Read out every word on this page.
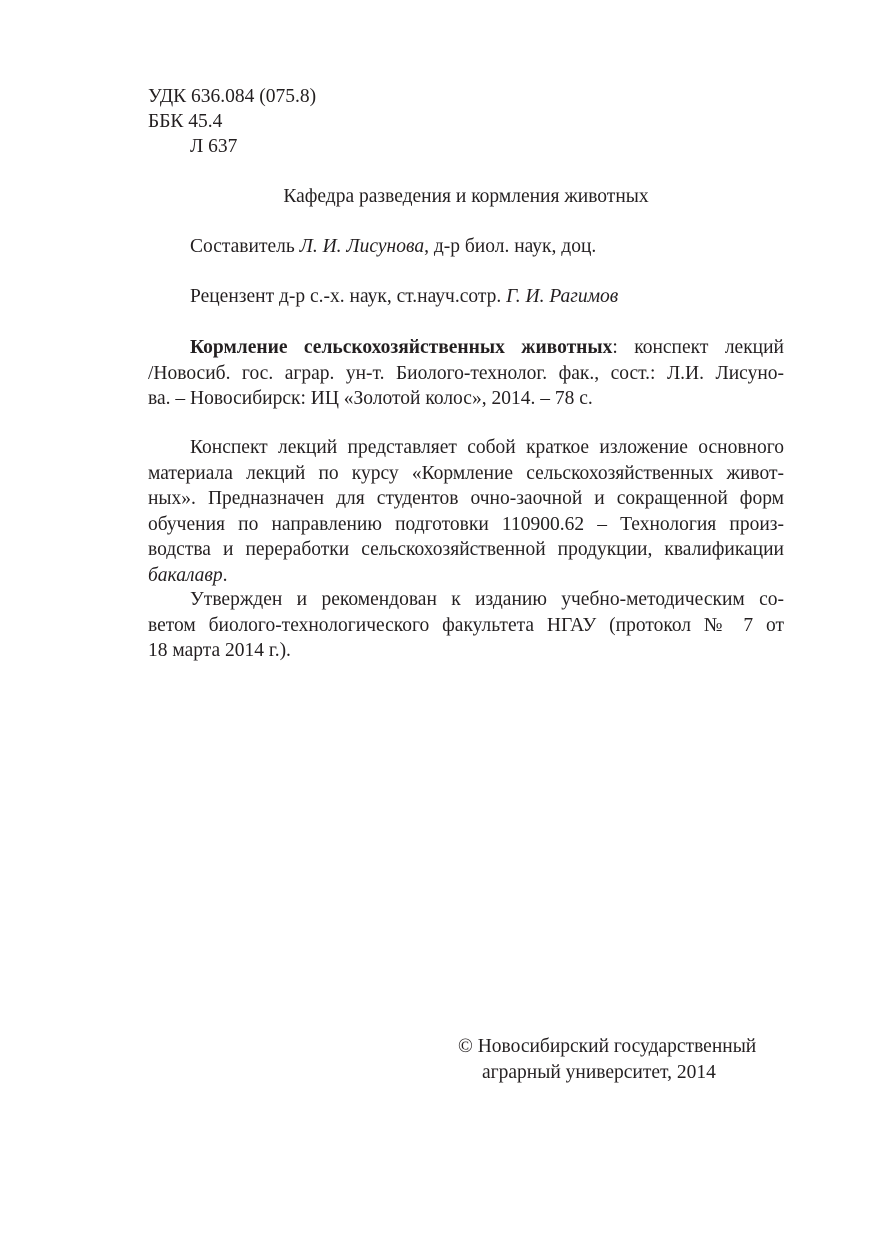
УДК 636.084 (075.8)
ББК 45.4
Л 637
Кафедра разведения и кормления животных
Составитель Л. И. Лисунова, д-р биол. наук, доц.
Рецензент д-р с.-х. наук, ст.науч.сотр. Г. И. Рагимов
Кормление сельскохозяйственных животных: конспект лекций
/Новосиб. гос. аграр. ун-т. Биолого-технолог. фак., сост.: Л.И. Лисуно-
ва. – Новосибирск: ИЦ «Золотой колос», 2014. – 78 с.
Конспект лекций представляет собой краткое изложение основного
материала лекций по курсу «Кормление сельскохозяйственных живот-
ных». Предназначен для студентов очно-заочной и сокращенной форм
обучения по направлению подготовки 110900.62 – Технология произ-
водства и переработки сельскохозяйственной продукции, квалификации
бакалавр.
Утвержден и рекомендован к изданию учебно-методическим со-
ветом биолого-технологического факультета НГАУ (протокол № 7 от
18 марта 2014 г.).
© Новосибирский государственный
аграрный университет, 2014
